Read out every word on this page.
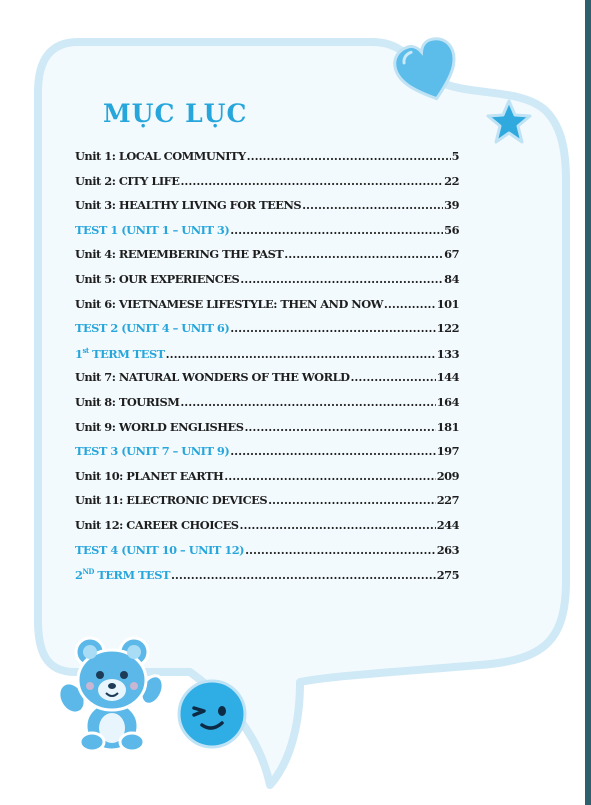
MỤC LỤC
Unit 1: LOCAL COMMUNITY .....	5
Unit 2: CITY LIFE .....	22
Unit 3: HEALTHY LIVING FOR TEENS .....	39
TEST 1 (UNIT 1 – UNIT 3) .....	56
Unit 4: REMEMBERING THE PAST .....	67
Unit 5: OUR EXPERIENCES .....	84
Unit 6: VIETNAMESE LIFESTYLE: THEN AND NOW .....	101
TEST 2 (UNIT 4 – UNIT 6) .....	122
1st TERM TEST .....	133
Unit 7: NATURAL WONDERS OF THE WORLD .....	144
Unit 8: TOURISM .....	164
Unit 9: WORLD ENGLISHES .....	181
TEST 3 (UNIT 7 – UNIT 9) .....	197
Unit 10: PLANET EARTH .....	209
Unit 11: ELECTRONIC DEVICES .....	227
Unit 12: CAREER CHOICES .....	244
TEST 4 (UNIT 10 – UNIT 12) .....	263
2ND TERM TEST .....	275
